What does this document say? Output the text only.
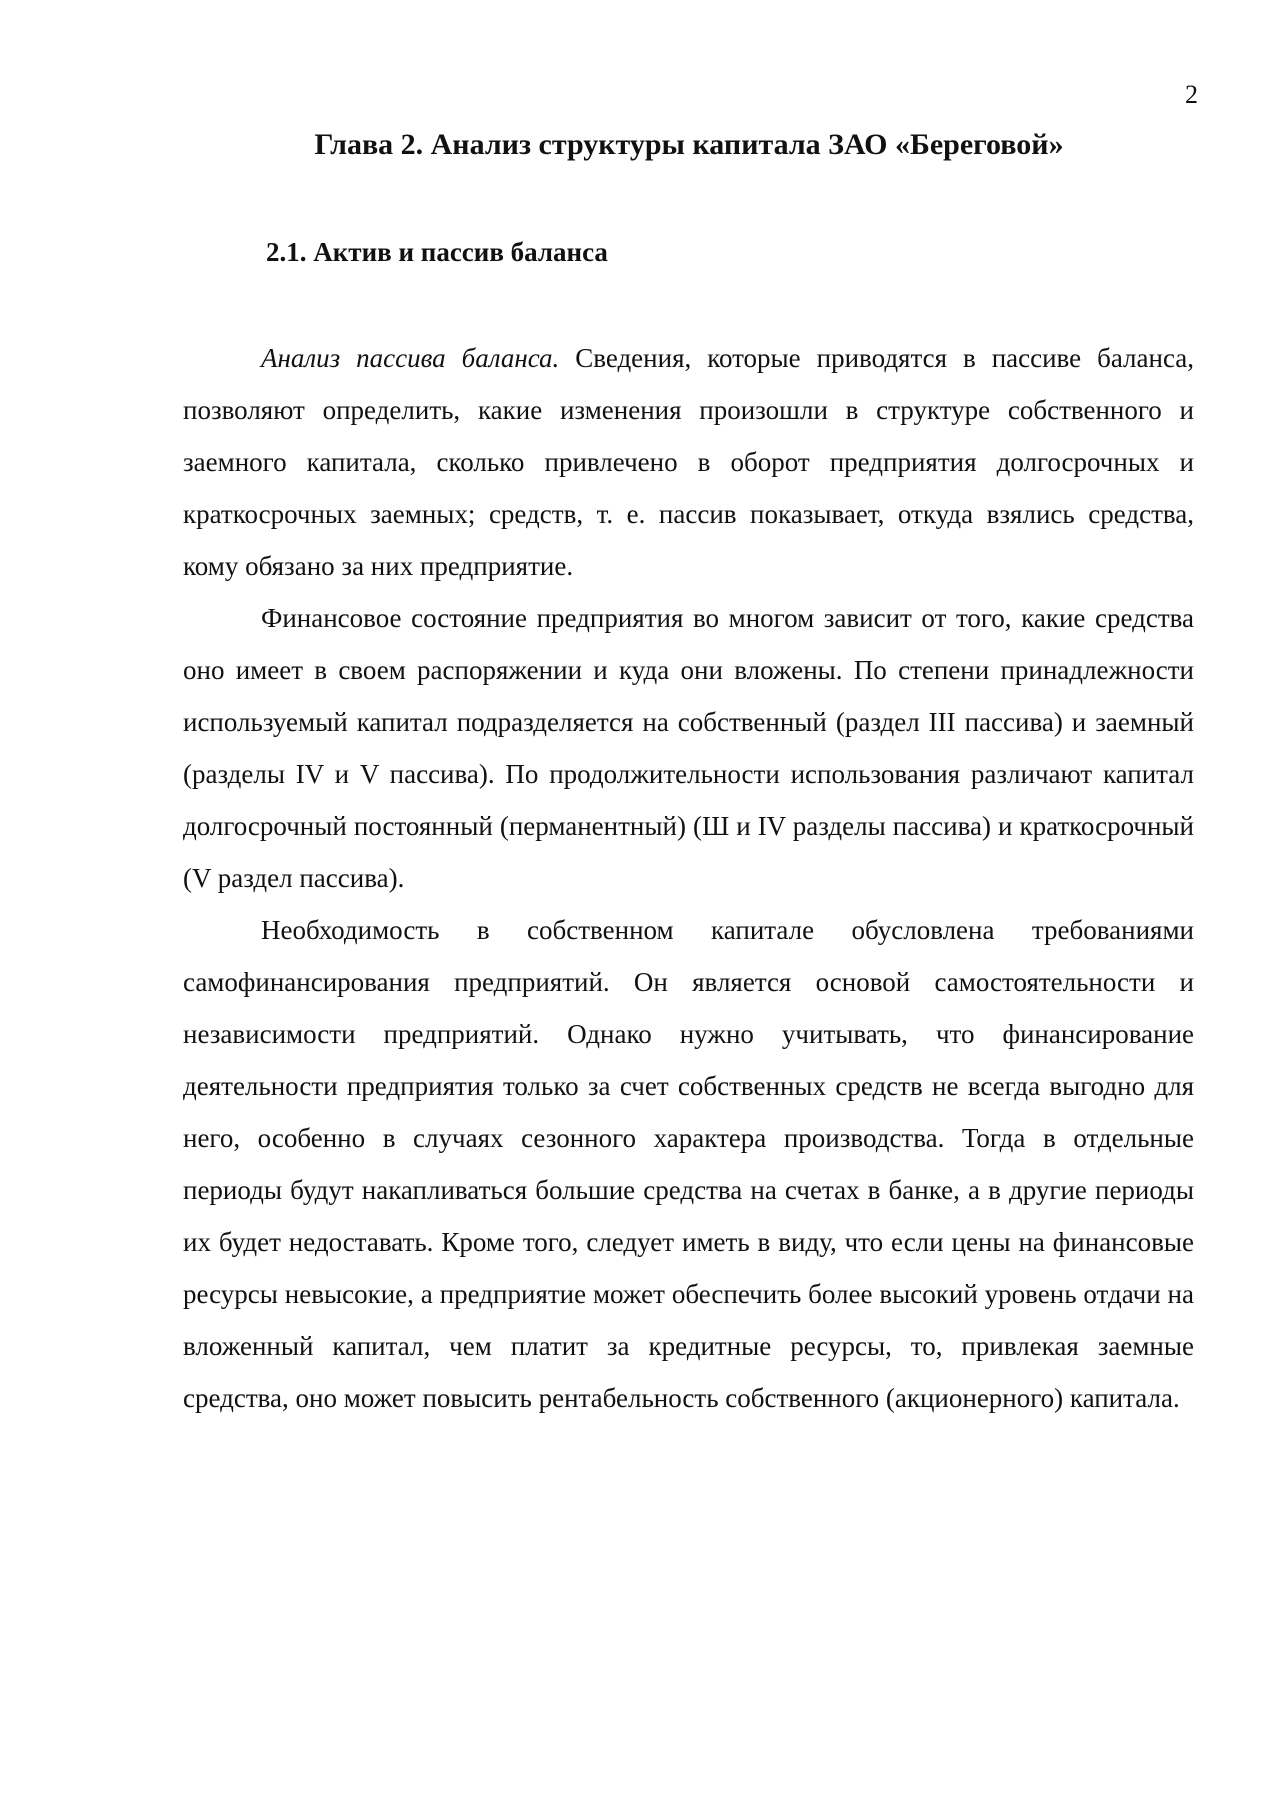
2
Глава 2. Анализ структуры капитала ЗАО «Береговой»
2.1. Актив и пассив баланса

Анализ пассива баланса. Сведения, которые приводятся в пассиве баланса, позволяют определить, какие изменения произошли в структуре собственного и заемного капитала, сколько привлечено в оборот предприятия долгосрочных и краткосрочных заемных; средств, т. е. пассив показывает, откуда взялись средства, кому обязано за них предприятие.

Финансовое состояние предприятия во многом зависит от того, какие средства оно имеет в своем распоряжении и куда они вложены. По степени принадлежности используемый капитал подразделяется на собственный (раздел III пассива) и заемный (разделы IV и V пассива). По продолжительности использования различают капитал долгосрочный постоянный (перманентный) (Ш и IV разделы пассива) и краткосрочный (V раздел пассива).

Необходимость в собственном капитале обусловлена требованиями самофинансирования предприятий. Он является основой самостоятельности и независимости предприятий. Однако нужно учитывать, что финансирование деятельности предприятия только за счет собственных средств не всегда выгодно для него, особенно в случаях сезонного характера производства. Тогда в отдельные периоды будут накапливаться большие средства на счетах в банке, а в другие периоды их будет недоставать. Кроме того, следует иметь в виду, что если цены на финансовые ресурсы невысокие, а предприятие может обеспечить более высокий уровень отдачи на вложенный капитал, чем платит за кредитные ресурсы, то, привлекая заемные средства, оно может повысить рентабельность собственного (акционерного) капитала.
